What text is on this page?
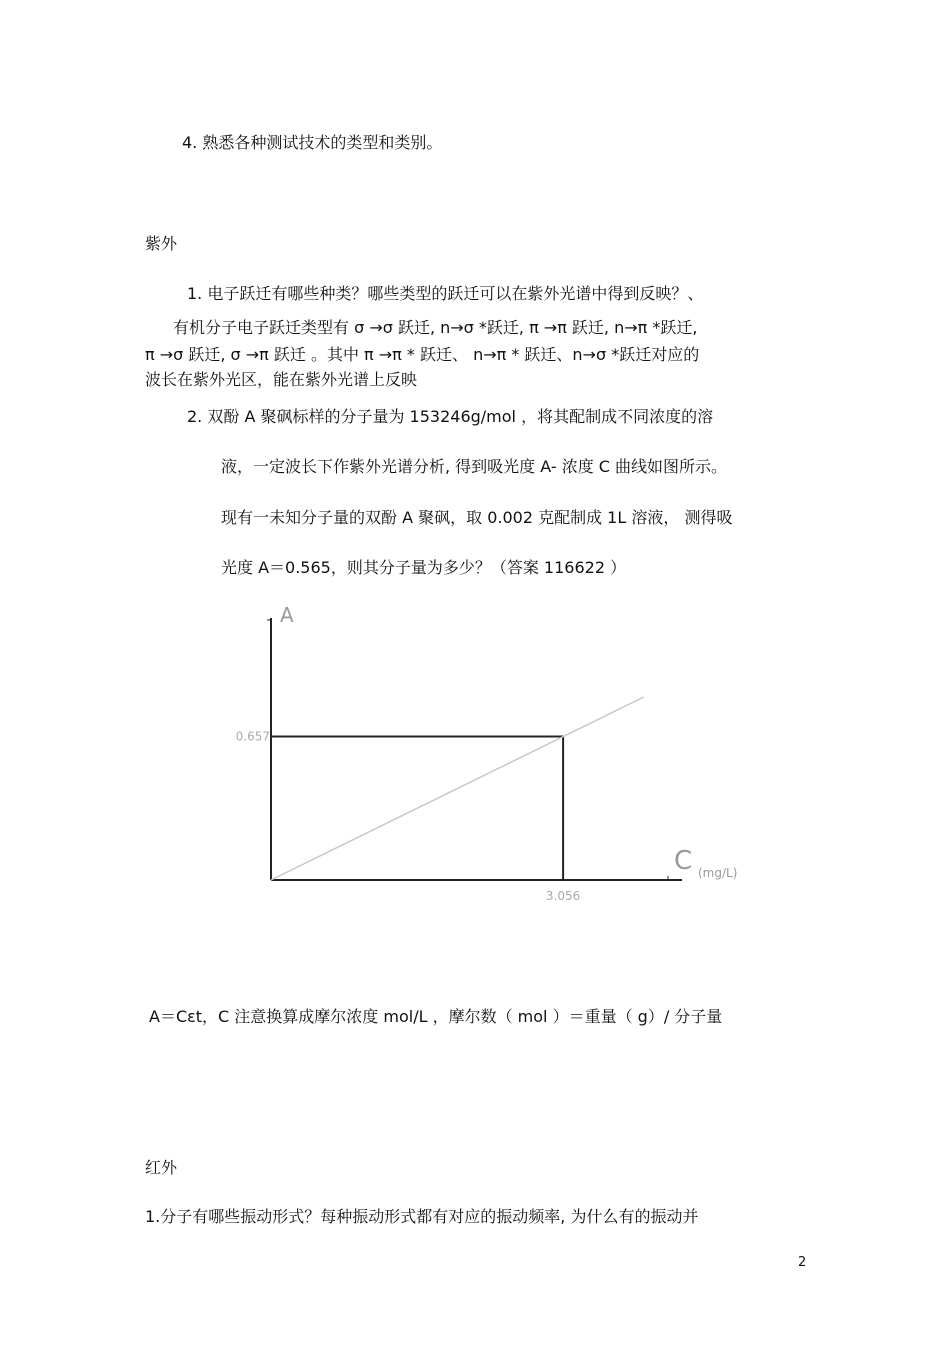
4. 熟悉各种测试技术的类型和类别。
紫外
1. 电子跃迁有哪些种类？哪些类型的跃迁可以在紫外光谱中得到反映？、
有机分子电子跃迁类型有 σ →σ 跃迁, n→σ *跃迁, π →π 跃迁, n→π *跃迁,
π →σ 跃迁, σ →π 跃迁 。其中 π →π * 跃迁、 n→π * 跃迁、n→σ *跃迁对应的
波长在紫外光区，能在紫外光谱上反映
2. 双酚 A 聚砜标样的分子量为 153246g/mol ，将其配制成不同浓度的溶
液，一定波长下作紫外光谱分析, 得到吸光度 A- 浓度 C 曲线如图所示。
现有一未知分子量的双酚 A 聚砜，取 0.002 克配制成 1L 溶液， 测得吸
光度 A＝0.565，则其分子量为多少？（答案 116622 ）
A
C (mg/L)
0.657
3.056
A＝Cεt，C 注意换算成摩尔浓度 mol/L ，摩尔数（ mol ）＝重量（ g）/ 分子量
红外
1.分子有哪些振动形式？每种振动形式都有对应的振动频率, 为什么有的振动并
2
